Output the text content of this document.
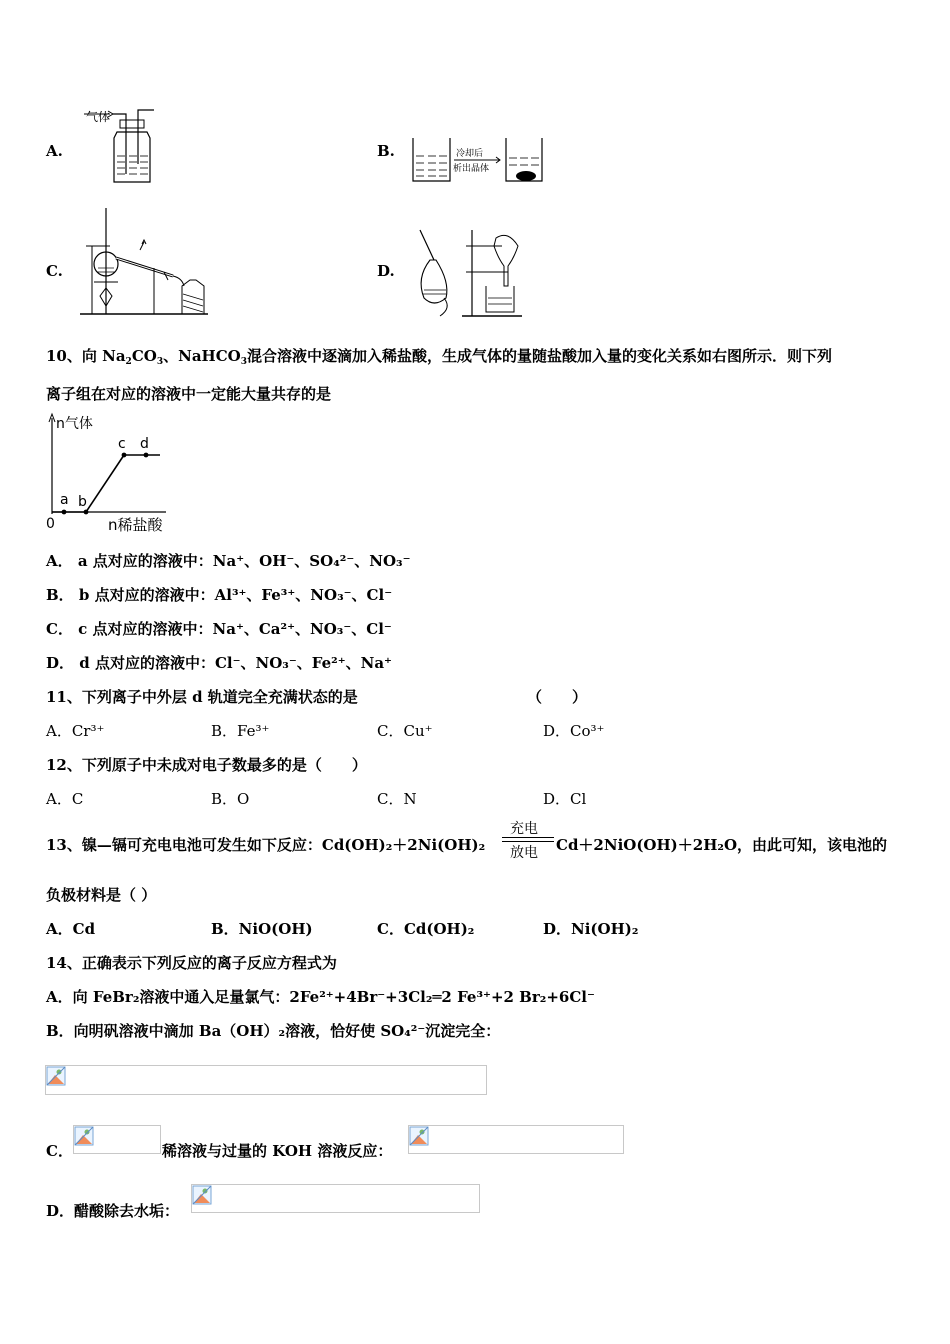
A.
气体
B.	冷却后
析出晶体
C.	D.
10、向 $Na_2CO_3$、NaHCO$_3$混合溶液中逐滴加入稀盐酸，生成气体的量随盐酸加入量的变化关系如右图所示．则下列
离子组在对应的溶液中一定能大量共存的是
n气体
0	n稀盐酸
a b
c d
A． a 点对应的溶液中：Na⁺、OH⁻、SO₄²⁻、NO₃⁻
B． b 点对应的溶液中：Al³⁺、Fe³⁺、NO₃⁻、Cl⁻
C． c 点对应的溶液中：Na⁺、Ca²⁺、NO₃⁻、Cl⁻
D． d 点对应的溶液中：Cl⁻、NO₃⁻、Fe²⁺、Na⁺
11、下列离子中外层 d 轨道完全充满状态的是	（　　）
A．Cr³⁺	B．Fe³⁺	C．Cu⁺	D．Co³⁺
12、下列原子中未成对电子数最多的是（　　）
A．C	B．O	C．N	D．Cl
13、镍—镉可充电电池可发生如下反应：Cd(OH)₂＋2Ni(OH)₂
充电
放电 Cd＋2NiO(OH)＋2H₂O，由此可知，该电池的
负极材料是（ ）
A．Cd	B．NiO(OH)	C．Cd(OH)₂	D．Ni(OH)₂
14、正确表示下列反应的离子反应方程式为
A．向 FeBr₂溶液中通入足量氯气：2Fe²⁺+4Br⁻+3Cl₂═2 Fe³⁺+2 Br₂+6Cl⁻
B．向明矾溶液中滴加 Ba（OH）₂溶液，恰好使 SO₄²⁻沉淀完全：
C．	稀溶液与过量的 KOH 溶液反应：
D．醋酸除去水垢：
